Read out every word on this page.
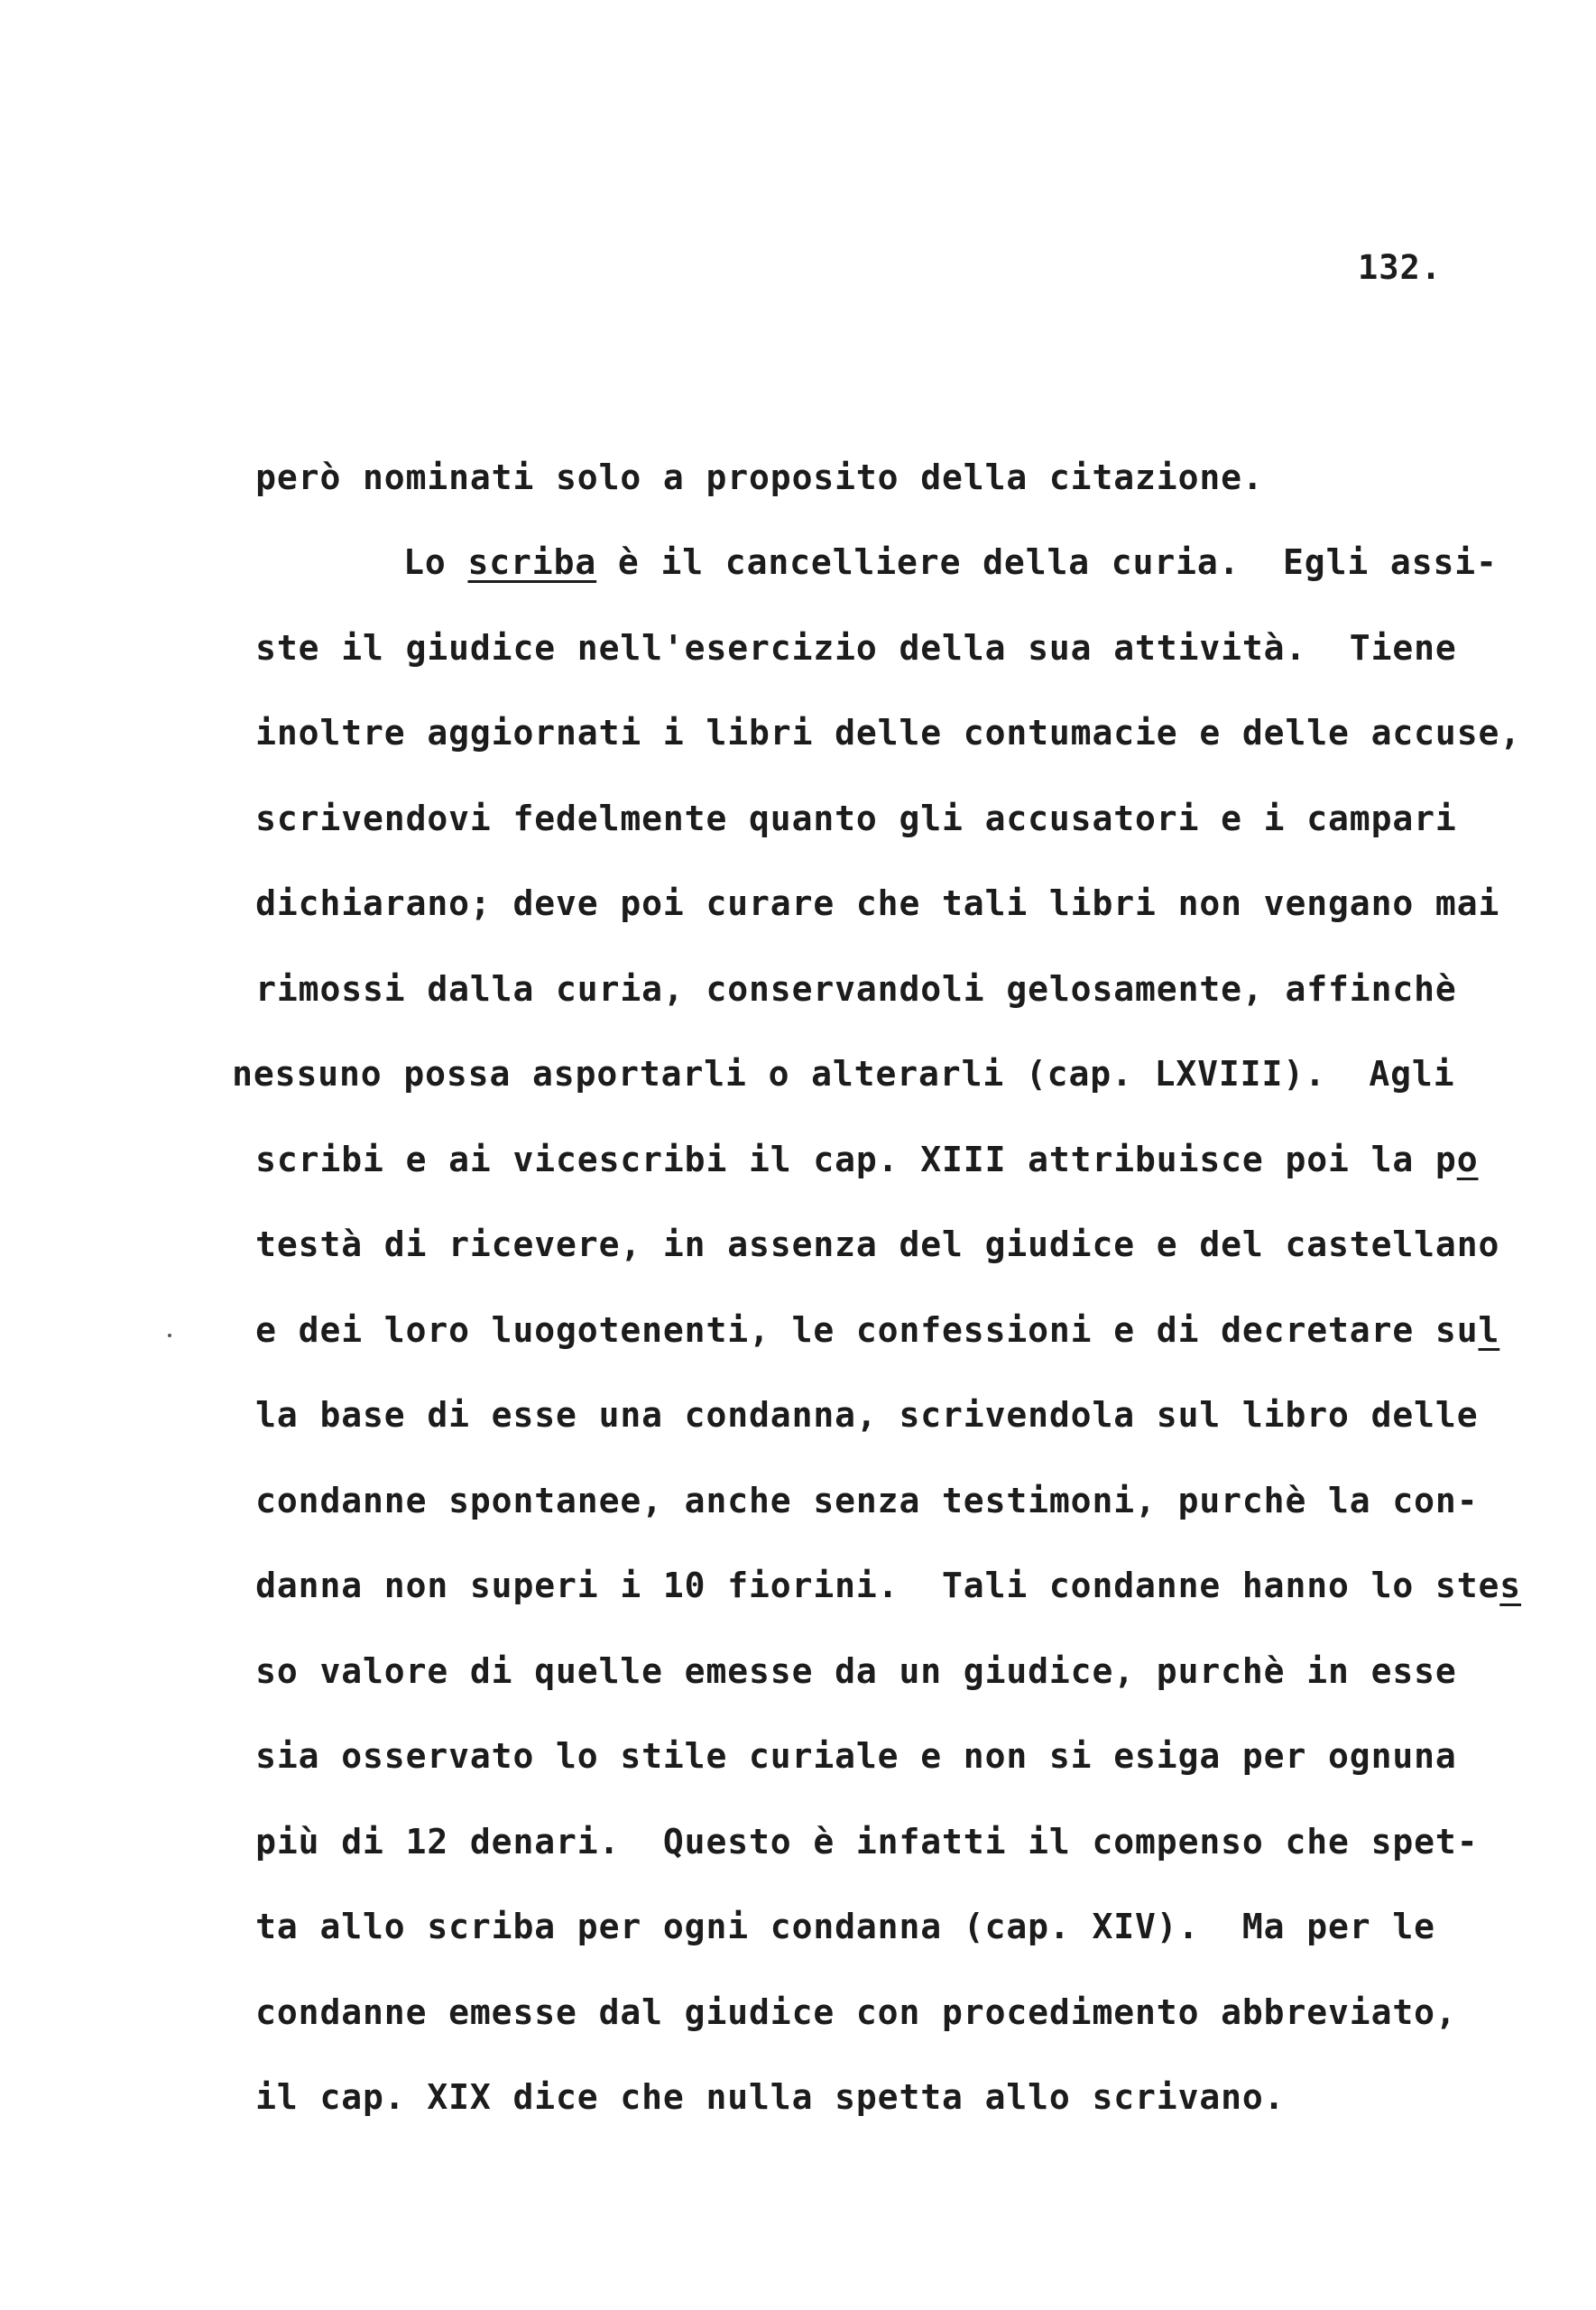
132.

però nominati solo a proposito della citazione.

Lo scriba è il cancelliere della curia.  Egli assi-

ste il giudice nell'esercizio della sua attività.  Tiene

inoltre aggiornati i libri delle contumacie e delle accuse,

scrivendovi fedelmente quanto gli accusatori e i campari

dichiarano; deve poi curare che tali libri non vengano mai

rimossi dalla curia, conservandoli gelosamente, affinchè

nessuno possa asportarli o alterarli (cap. LXVIII).  Agli

scribi e ai vicescribi il cap. XIII attribuisce poi la po

testà di ricevere, in assenza del giudice e del castellano

e dei loro luogotenenti, le confessioni e di decretare sul

la base di esse una condanna, scrivendola sul libro delle

condanne spontanee, anche senza testimoni, purchè la con-

danna non superi i 10 fiorini.  Tali condanne hanno lo stes

so valore di quelle emesse da un giudice, purchè in esse

sia osservato lo stile curiale e non si esiga per ognuna

più di 12 denari.  Questo è infatti il compenso che spet-

ta allo scriba per ogni condanna (cap. XIV).  Ma per le

condanne emesse dal giudice con procedimento abbreviato,

il cap. XIX dice che nulla spetta allo scrivano.
